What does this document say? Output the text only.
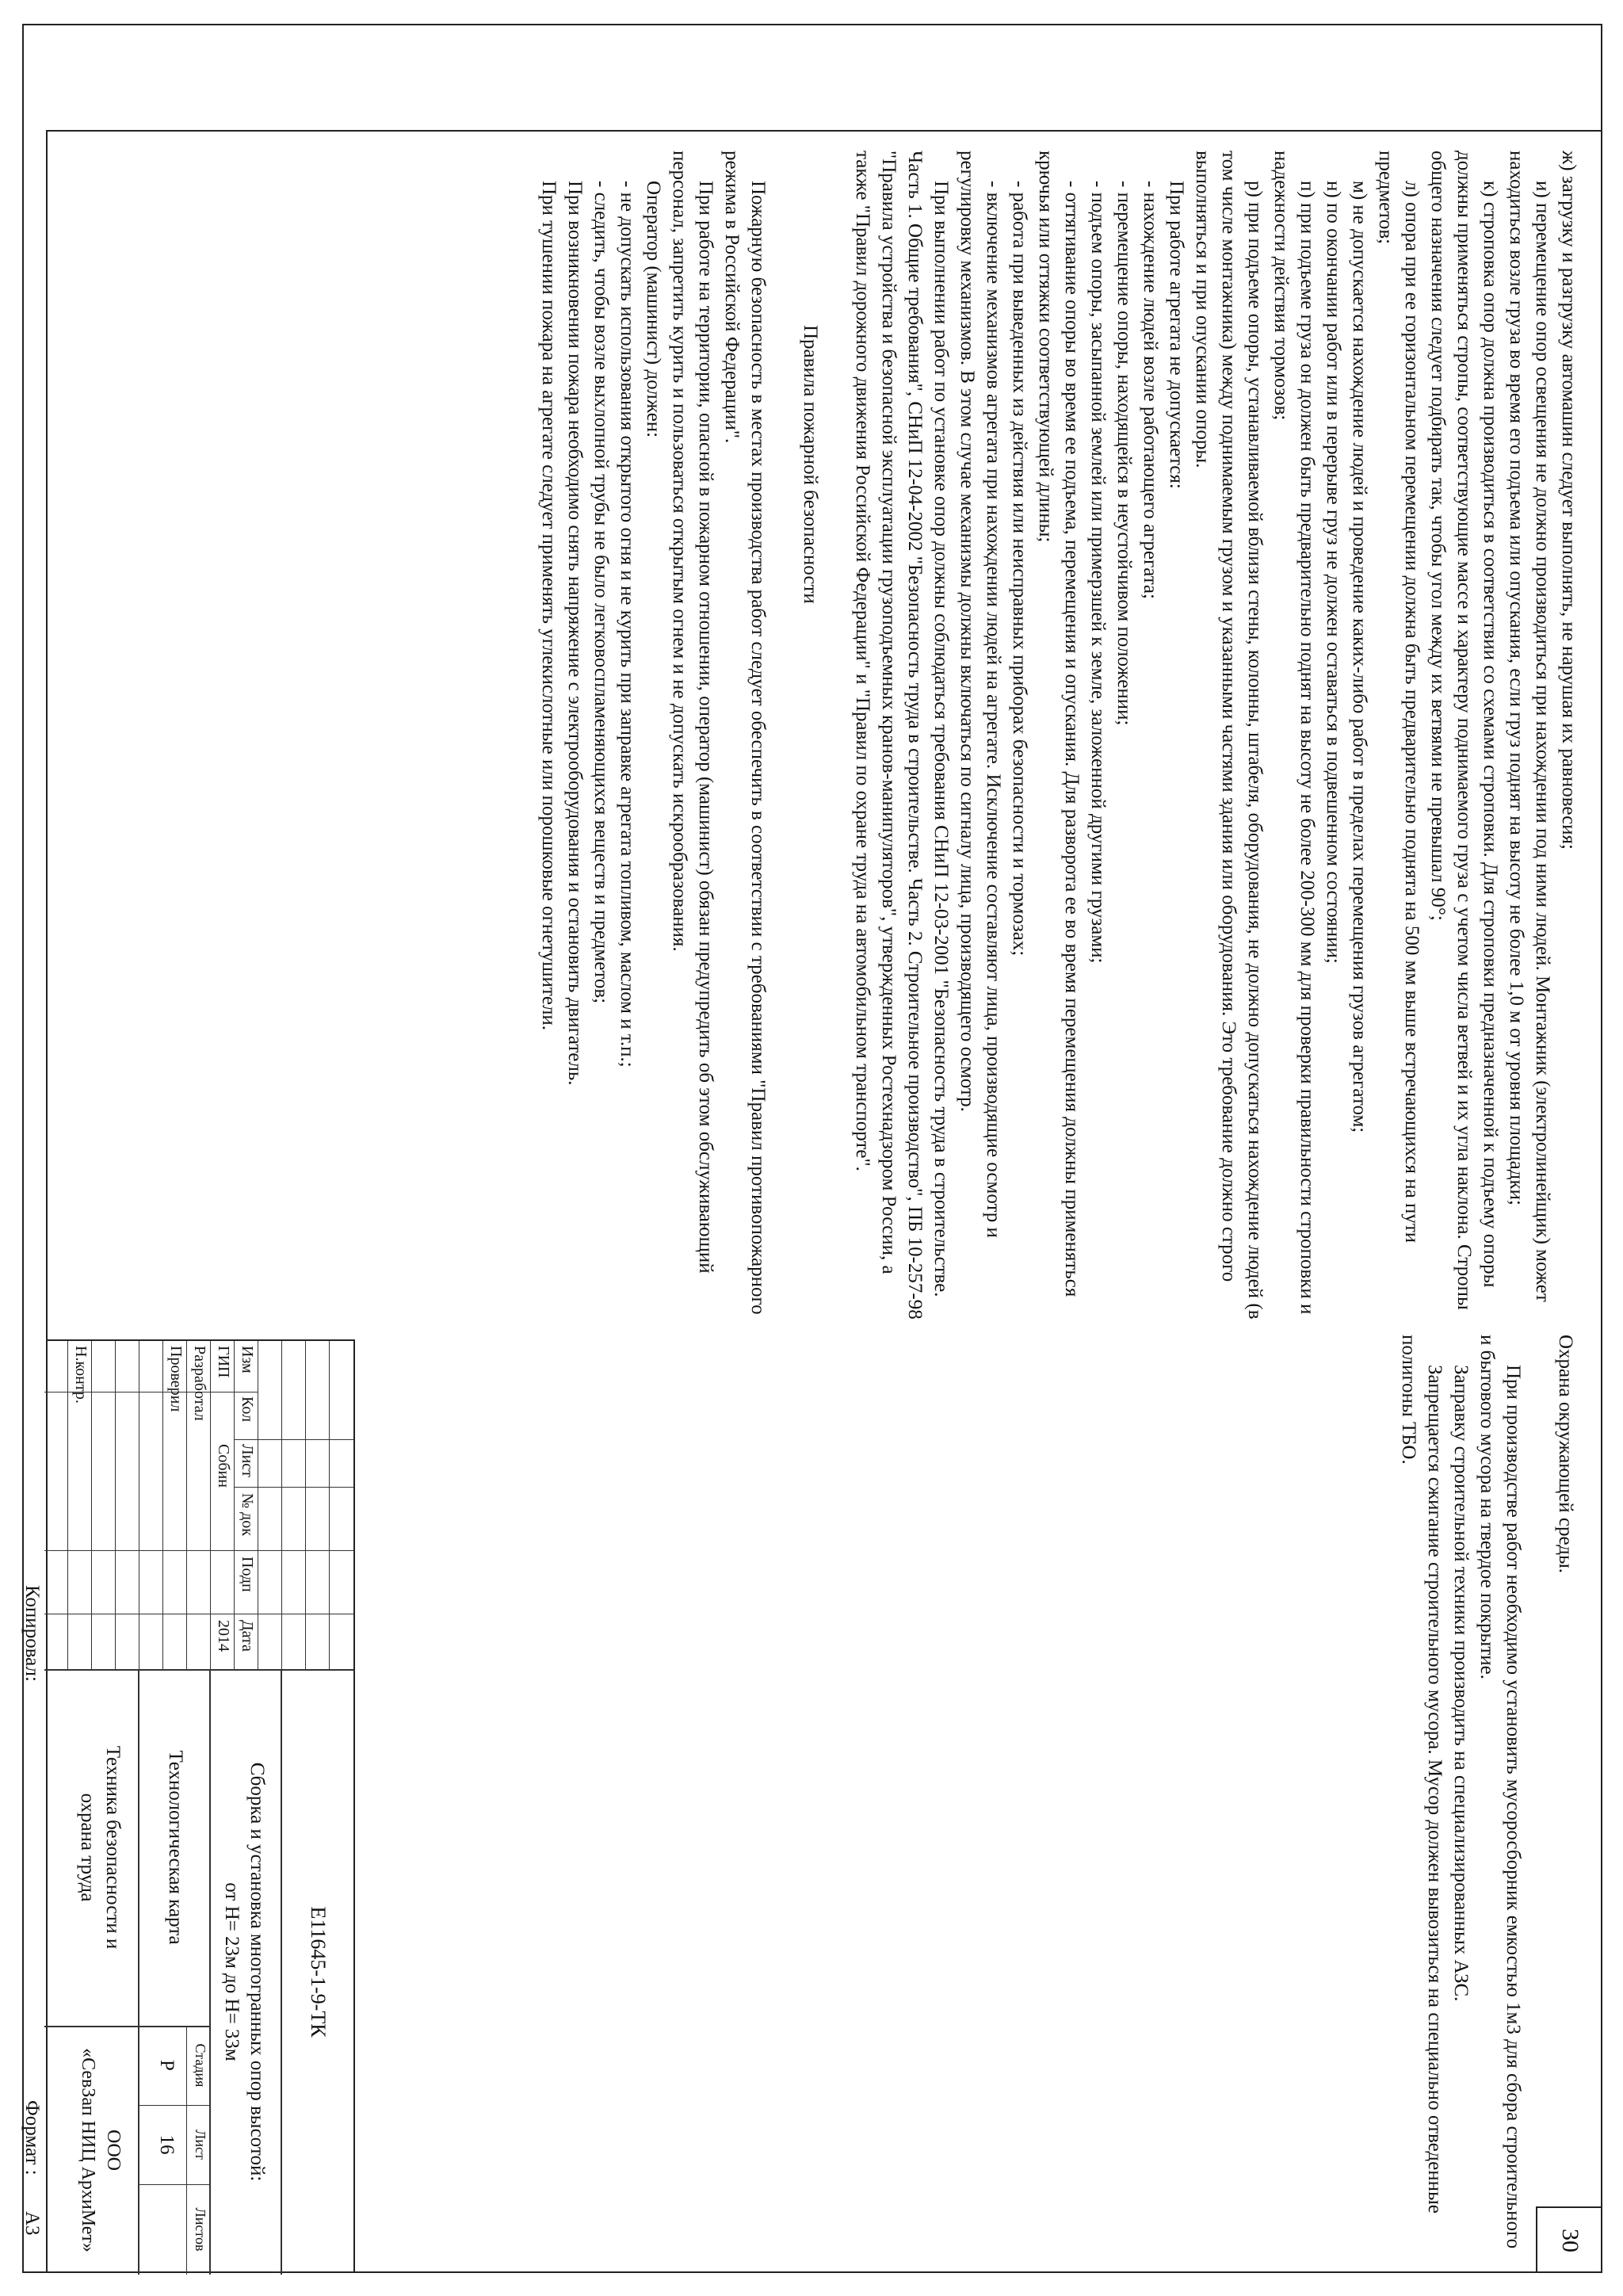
ж) загрузку и разгрузку автомашин следует выполнять, не нарушая их равновесия;

и) перемещение опор освещения не должно производиться при нахождении под ними людей. Монтажник (электролинейщик) может находиться возле груза во время его подъема или опускания, если груз поднят на высоту не более 1,0 м от уровня площадки;

к) строповка опор должна производиться в соответствии со схемами строповки. Для строповки предназначенной к подъему опоры должны применяться стропы, соответствующие массе и характеру поднимаемого груза с учетом числа ветвей и их угла наклона. Стропы общего назначения следует подбирать так, чтобы угол между их ветвями не превышал 90°;

л) опора при ее горизонтальном перемещении должна быть предварительно поднята на 500 мм выше встречающихся на пути предметов;

м) не допускается нахождение людей и проведение каких-либо работ в пределах перемещения грузов агрегатом;

н) по окончании работ или в перерыве груз не должен оставаться в подвешенном состоянии;

п) при подъеме груза он должен быть предварительно поднят на высоту не более 200-300 мм для проверки правильности строповки и надежности действия тормозов;

р) при подъеме опоры, устанавливаемой вблизи стены, колонны, штабеля, оборудования, не должно допускаться нахождение людей (в том числе монтажника) между поднимаемым грузом и указанными частями здания или оборудования. Это требование должно строго выполняться и при опускании опоры.

При работе агрегата не допускается:

- нахождение людей возле работающего агрегата;

- перемещение опоры, находящейся в неустойчивом положении;

- подъем опоры, засыпанной землей или примерзшей к земле, заложенной другими грузами;

- оттягивание опоры во время ее подъема, перемещения и опускания. Для разворота ее во время перемещения должны применяться крючья или оттяжки соответствующей длины;

- работа при выведенных из действия или неисправных приборах безопасности и тормозах;

- включение механизмов агрегата при нахождении людей на агрегате. Исключение составляют лица, производящие осмотр и регулировку механизмов. В этом случае механизмы должны включаться по сигналу лица, производящего осмотр.

При выполнении работ по установке опор должны соблюдаться требования СНиП 12-03-2001 "Безопасность труда в строительстве. Часть 1. Общие требования", СНиП 12-04-2002 "Безопасность труда в строительстве. Часть 2. Строительное производство", ПБ 10-257-98 "Правила устройства и безопасной эксплуатации грузоподъемных кранов-манипуляторов", утвержденных Ростехнадзором России, а также "Правил дорожного движения Российской Федерации" и "Правил по охране труда на автомобильном транспорте".

Правила пожарной безопасности

Пожарную безопасность в местах производства работ следует обеспечить в соответствии с требованиями "Правил противопожарного режима в Российской Федерации".

При работе на территории, опасной в пожарном отношении, оператор (машинист) обязан предупредить об этом обслуживающий персонал, запретить курить и пользоваться открытым огнем и не допускать искрообразования.

Оператор (машинист) должен:

- не допускать использования открытого огня и не курить при заправке агрегата топливом, маслом и т.п.;

- следить, чтобы возле выхлопной трубы не было легковоспламеняющихся веществ и предметов;

При возникновении пожара необходимо снять напряжение с электрооборудования и остановить двигатель.

При тушении пожара на агрегате следует применять углекислотные или порошковые огнетушители.

Охрана окружающей среды.

При производстве работ необходимо установить мусоросборник емкостью 1м3 для сбора строительного и бытового мусора на твердое покрытие.

Заправку строительной техники производить на специализированных АЗС.

Запрещается сжигание строительного мусора. Мусор должен вывозиться на специально отведенные полигоны ТБО.

30
Изм
Кол
Лист
№ док
Подп
Дата
ГИП
Собин
2014
Разработал
Проверил
Н.контр.
Е11645-1-9-ТК
Сборка и установка многогранных опор высотой:
от Н= 23м до Н= 33м
Технологическая карта
Техника безопасности и
охрана труда
Стадия
Лист
Листов
Р
16
ООО
«СевЗап НИЦ АрхиМет»
Копировал:
Формат :
А3
